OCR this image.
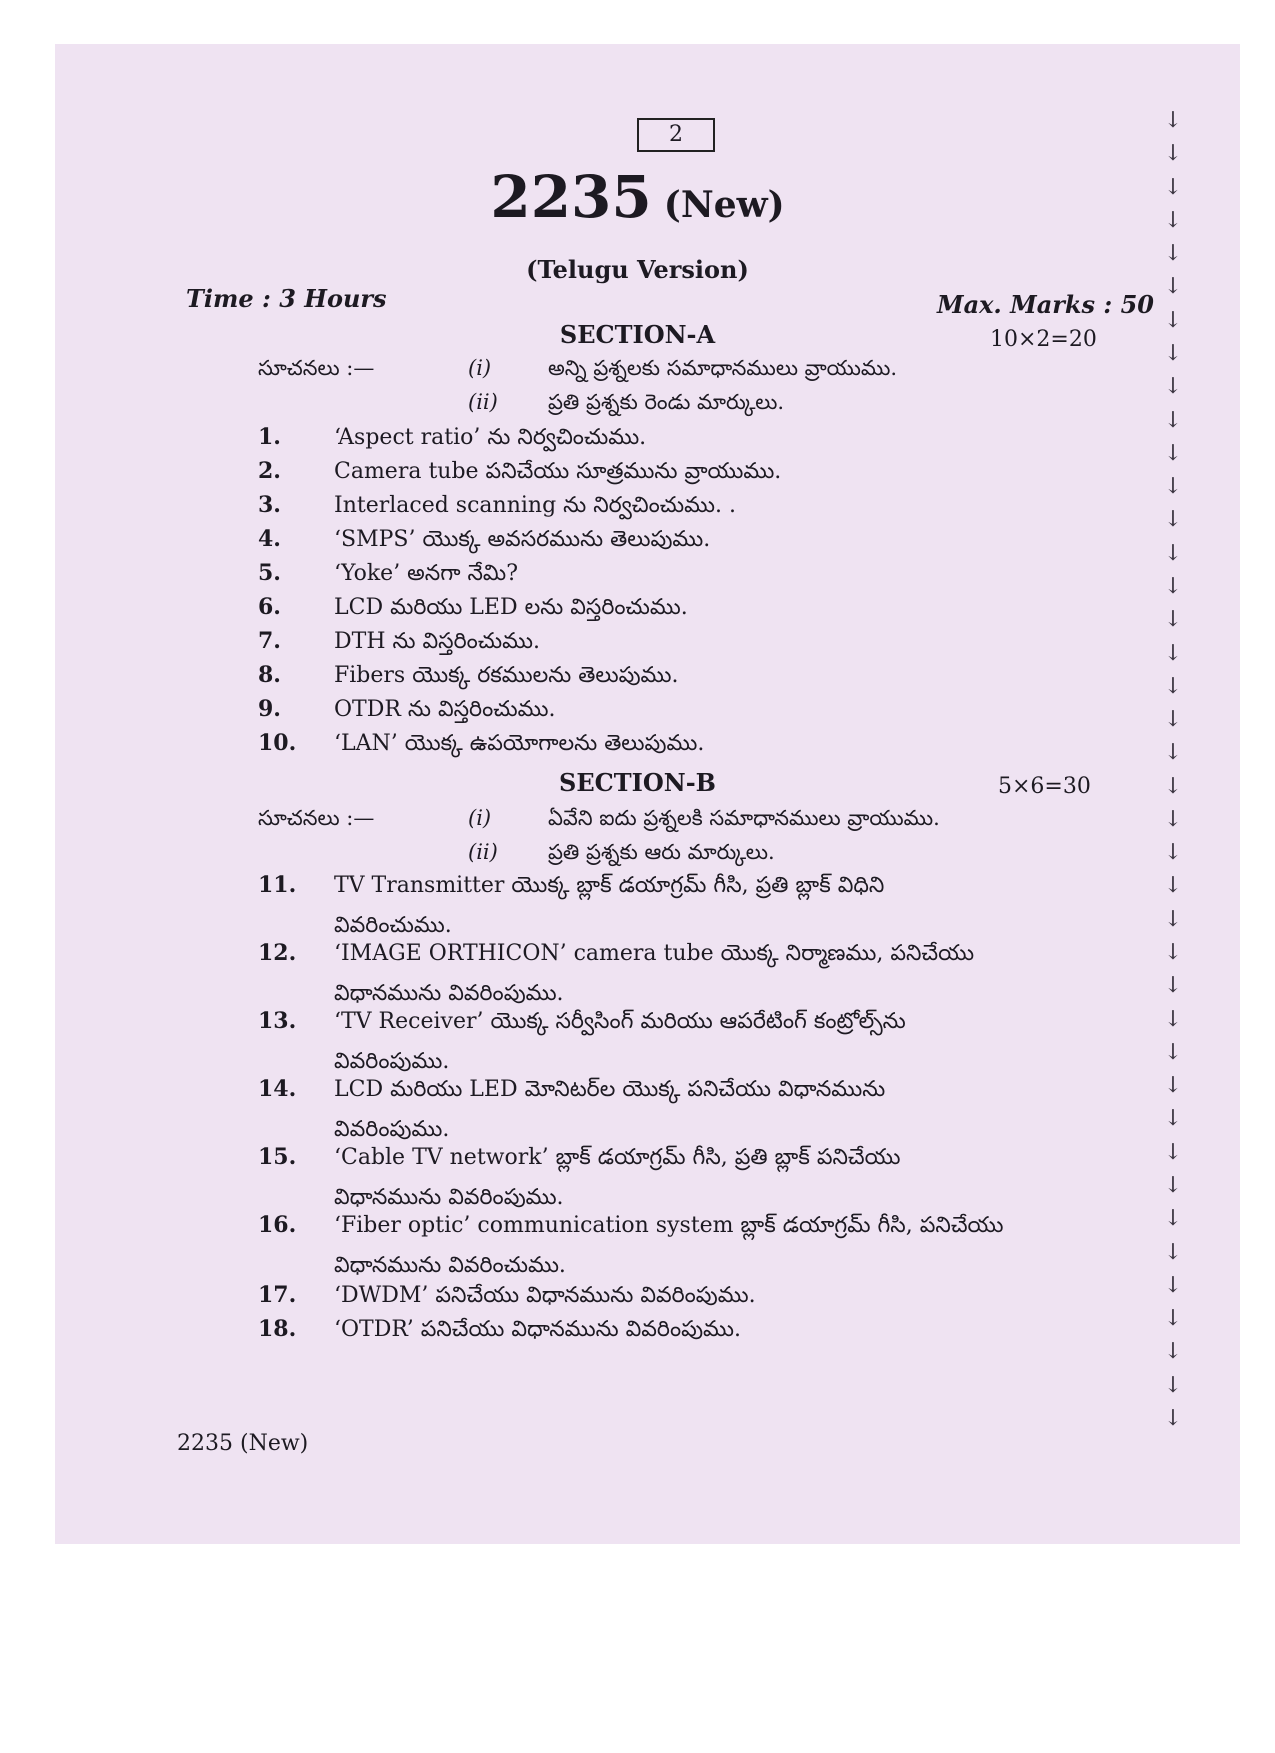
↓
↓
↓
↓
↓
↓
↓
↓
↓
↓
↓
↓
↓
↓
↓
↓
↓
↓
↓
↓
↓
↓
↓
↓
↓
↓
↓
↓
↓
↓
↓
↓
↓
↓
↓
↓
↓
↓
↓
↓
2
2235 (New)
(Telugu Version)
Time : 3 Hours	Max. Marks : 50
SECTION-A	10×2=20
సూచనలు :—	(i)	అన్ని ప్రశ్నలకు సమాధానములు వ్రాయుము.
(ii) ప్రతి ప్రశ్నకు రెండు మార్కులు.
1. ‘Aspect ratio’ ను నిర్వచించుము.
2. Camera tube పనిచేయు సూత్రమును వ్రాయుము.
3. Interlaced scanning ను నిర్వచించుము. .
4. ‘SMPS’ యొక్క అవసరమును తెలుపుము.
5. ‘Yoke’ అనగా నేమి?
6. LCD మరియు LED లను విస్తరించుము.
7. DTH ను విస్తరించుము.
8. Fibers యొక్క రకములను తెలుపుము.
9. OTDR ను విస్తరించుము.
10. ‘LAN’ యొక్క ఉపయోగాలను తెలుపుము.
SECTION-B	5×6=30
సూచనలు :—	(i)	ఏవేని ఐదు ప్రశ్నలకి సమాధానములు వ్రాయుము.
(ii) ప్రతి ప్రశ్నకు ఆరు మార్కులు.
11. TV Transmitter యొక్క బ్లాక్ డయాగ్రమ్ గీసి, ప్రతి బ్లాక్ విధిని
వివరించుము.
12. ‘IMAGE ORTHICON’ camera tube యొక్క నిర్మాణము, పనిచేయు
విధానమును వివరింపుము.
13. ‘TV Receiver’ యొక్క సర్వీసింగ్ మరియు ఆపరేటింగ్ కంట్రోల్స్‌ను
వివరింపుము.
14. LCD మరియు LED మోనిటర్‌ల యొక్క పనిచేయు విధానమును
వివరింపుము.
15. ‘Cable TV network’ బ్లాక్ డయాగ్రమ్ గీసి, ప్రతి బ్లాక్ పనిచేయు
విధానమును వివరింపుము.
16. ‘Fiber optic’ communication system బ్లాక్ డయాగ్రమ్ గీసి, పనిచేయు
విధానమును వివరించుము.
17. ‘DWDM’ పనిచేయు విధానమును వివరింపుము.
18. ‘OTDR’ పనిచేయు విధానమును వివరింపుము.
2235 (New)
